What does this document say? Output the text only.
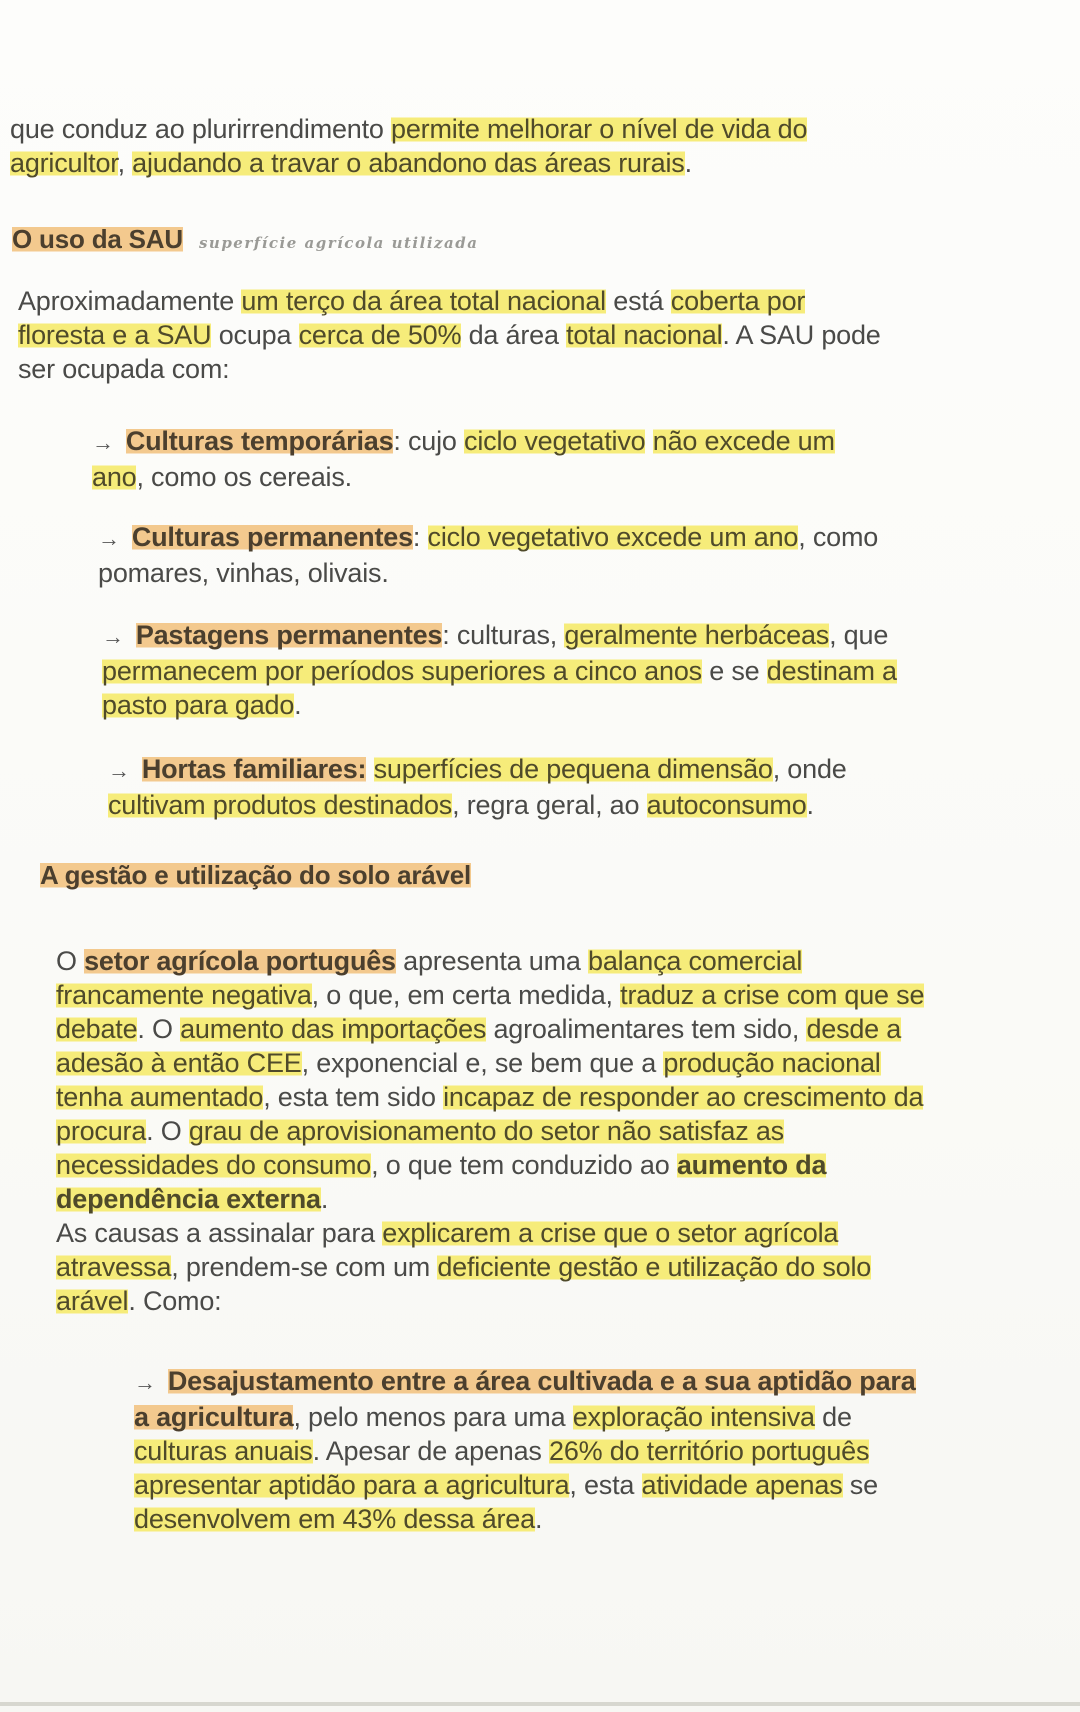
que conduz ao plurirrendimento permite melhorar o nível de vida do
agricultor, ajudando a travar o abandono das áreas rurais.
O uso da SAU superfície agrícola utilizada
Aproximadamente um terço da área total nacional está coberta por
floresta e a SAU ocupa cerca de 50% da área total nacional. A SAU pode
ser ocupada com:
→ Culturas temporárias: cujo ciclo vegetativo não excede um
ano, como os cereais.
→ Culturas permanentes: ciclo vegetativo excede um ano, como
pomares, vinhas, olivais.
→ Pastagens permanentes: culturas, geralmente herbáceas, que
permanecem por períodos superiores a cinco anos e se destinam a
pasto para gado.
→ Hortas familiares: superfícies de pequena dimensão, onde
cultivam produtos destinados, regra geral, ao autoconsumo.
A gestão e utilização do solo arável
O setor agrícola português apresenta uma balança comercial
francamente negativa, o que, em certa medida, traduz a crise com que se
debate. O aumento das importações agroalimentares tem sido, desde a
adesão à então CEE, exponencial e, se bem que a produção nacional
tenha aumentado, esta tem sido incapaz de responder ao crescimento da
procura. O grau de aprovisionamento do setor não satisfaz as
necessidades do consumo, o que tem conduzido ao aumento da
dependência externa.
As causas a assinalar para explicarem a crise que o setor agrícola
atravessa, prendem-se com um deficiente gestão e utilização do solo
arável. Como:
→ Desajustamento entre a área cultivada e a sua aptidão para
a agricultura, pelo menos para uma exploração intensiva de
culturas anuais. Apesar de apenas 26% do território português
apresentar aptidão para a agricultura, esta atividade apenas se
desenvolvem em 43% dessa área.
